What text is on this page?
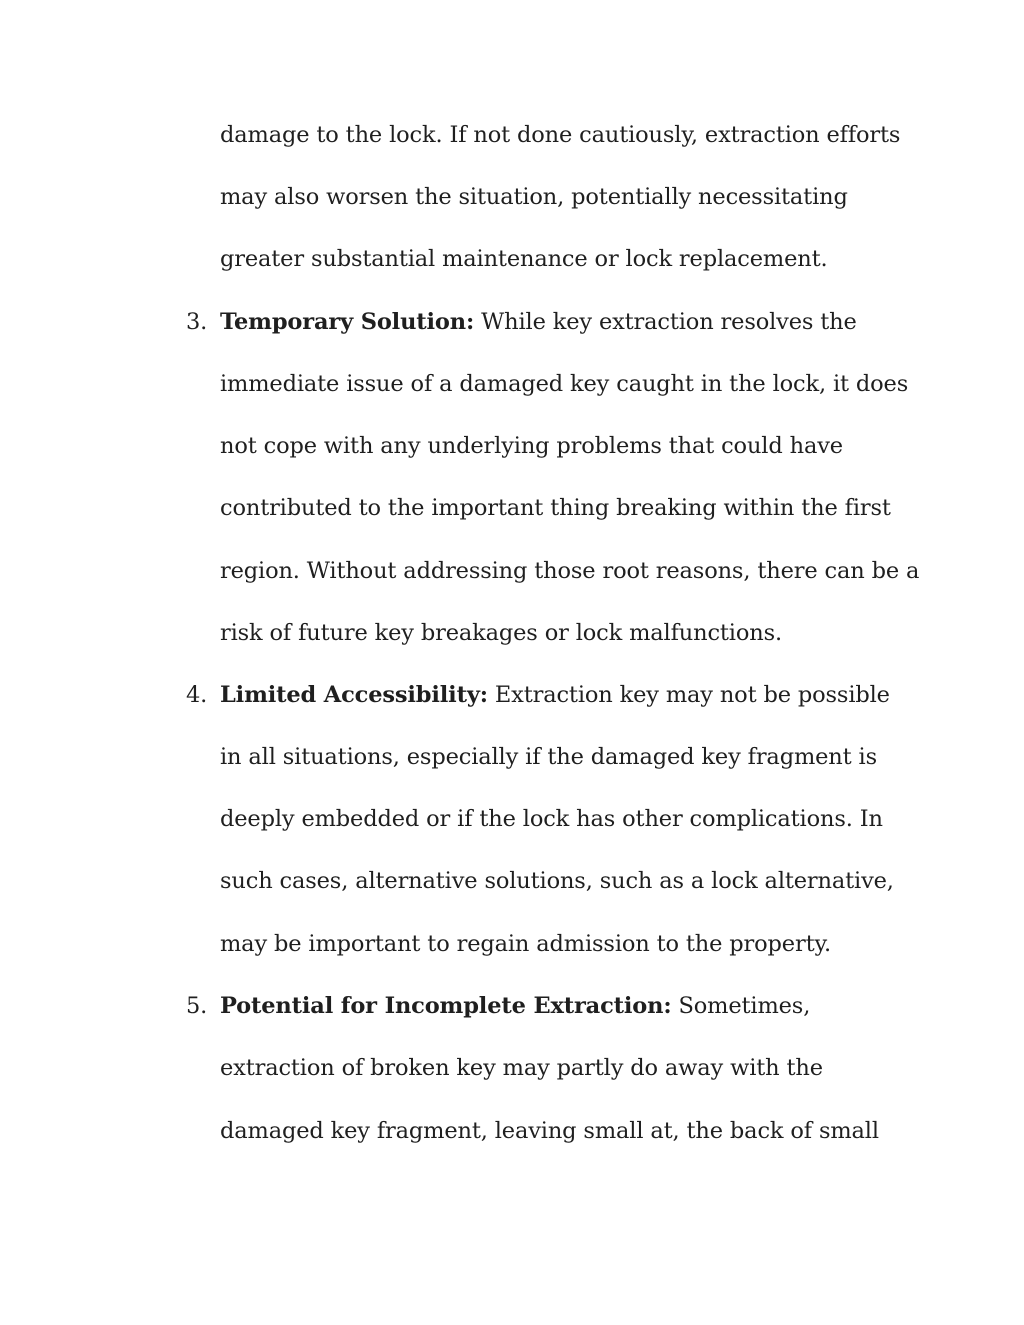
damage to the lock. If not done cautiously, extraction efforts
may also worsen the situation, potentially necessitating
greater substantial maintenance or lock replacement.
3. Temporary Solution: While key extraction resolves the
immediate issue of a damaged key caught in the lock, it does
not cope with any underlying problems that could have
contributed to the important thing breaking within the first
region. Without addressing those root reasons, there can be a
risk of future key breakages or lock malfunctions.
4. Limited Accessibility: Extraction key may not be possible
in all situations, especially if the damaged key fragment is
deeply embedded or if the lock has other complications. In
such cases, alternative solutions, such as a lock alternative,
may be important to regain admission to the property.
5. Potential for Incomplete Extraction: Sometimes,
extraction of broken key may partly do away with the
damaged key fragment, leaving small at, the back of small
